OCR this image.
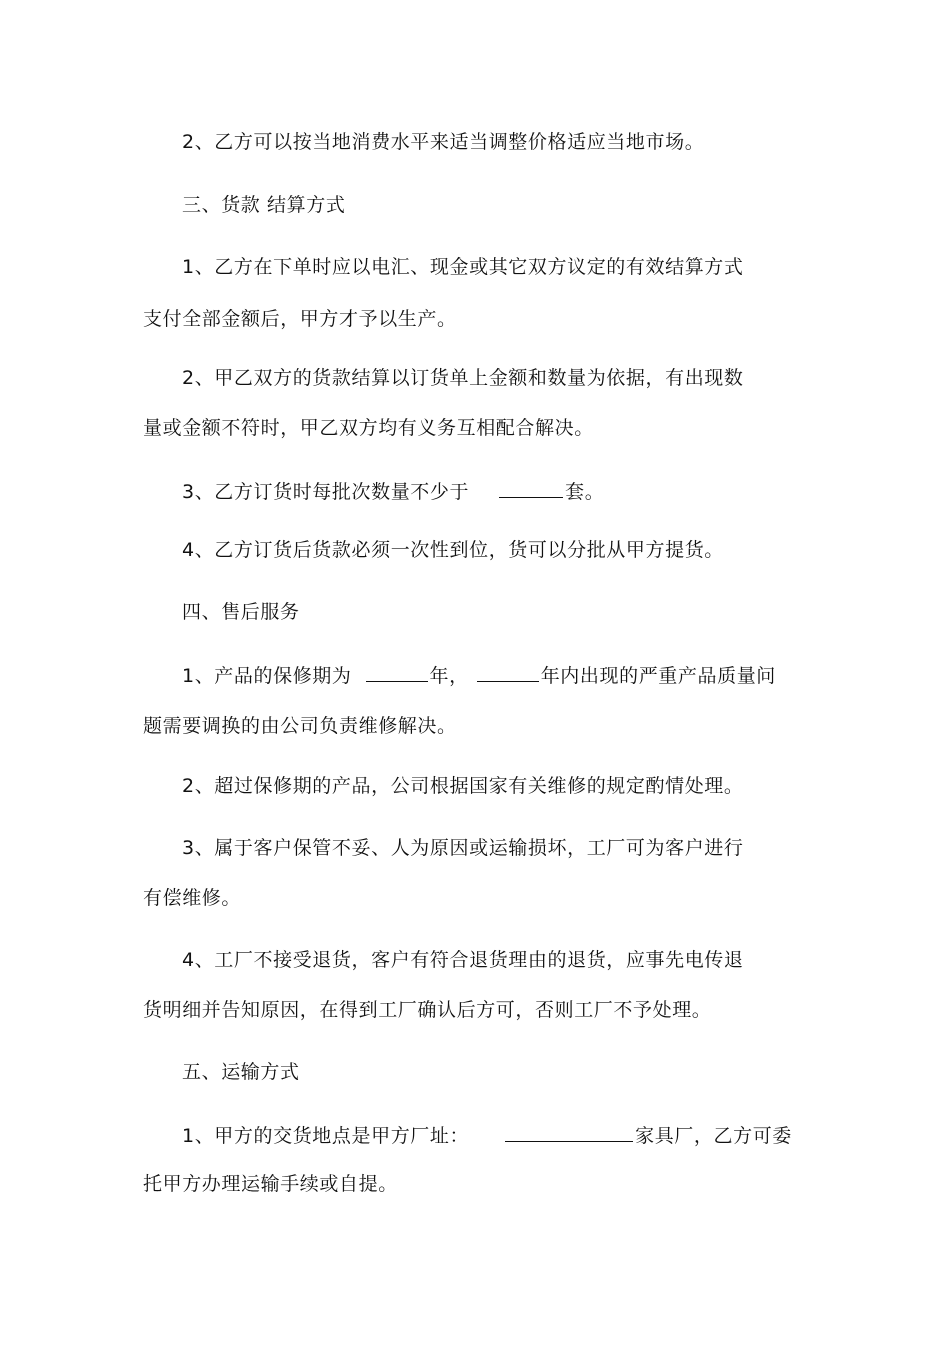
2、乙方可以按当地消费水平来适当调整价格适应当地市场。
三、货款 结算方式
1、乙方在下单时应以电汇、现金或其它双方议定的有效结算方式
支付全部金额后，甲方才予以生产。
2、甲乙双方的货款结算以订货单上金额和数量为依据，有出现数
量或金额不符时，甲乙双方均有义务互相配合解决。
3、乙方订货时每批次数量不少于	套。
4、乙方订货后货款必须一次性到位，货可以分批从甲方提货。
四、售后服务
1、产品的保修期为	年，	年内出现的严重产品质量问
题需要调换的由公司负责维修解决。
2、超过保修期的产品，公司根据国家有关维修的规定酌情处理。
3、属于客户保管不妥、人为原因或运输损坏，工厂可为客户进行
有偿维修。
4、工厂不接受退货，客户有符合退货理由的退货，应事先电传退
货明细并告知原因，在得到工厂确认后方可，否则工厂不予处理。
五、运输方式
1、甲方的交货地点是甲方厂址：	家具厂，乙方可委
托甲方办理运输手续或自提。
